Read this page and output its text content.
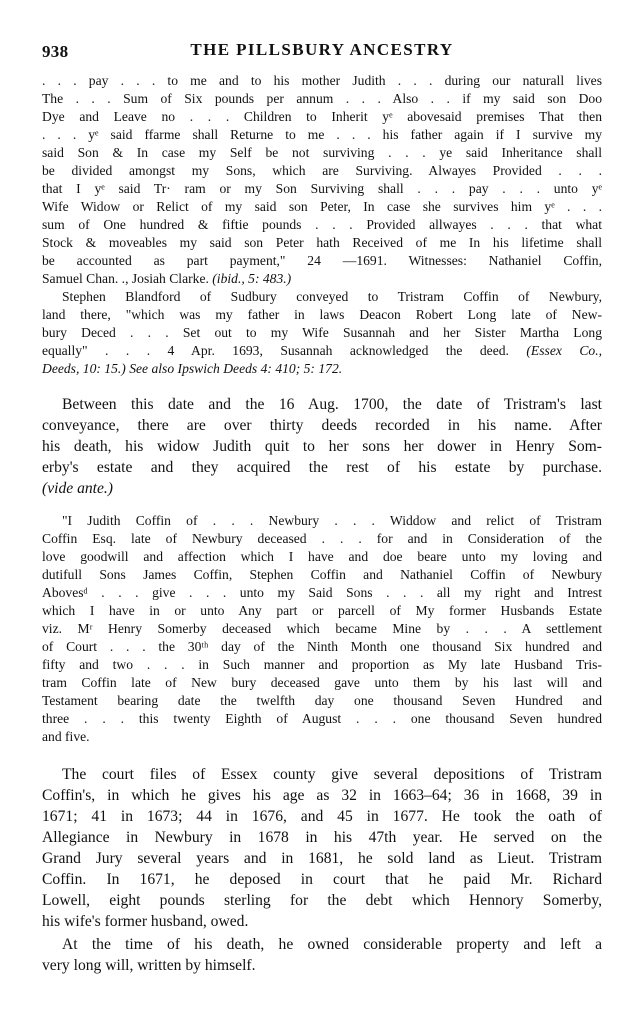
938	THE PILLSBURY ANCESTRY
. . . pay . . . to me and to his mother Judith . . . during our naturall lives
The . . . Sum of Six pounds per annum . . . Also . . if my said son Doo
Dye and Leave no . . . Children to Inherit yᵉ abovesaid premises That then
. . . yᵉ said ffarme shall Returne to me . . . his father again if I survive my
said Son & In case my Self be not surviving . . . ye said Inheritance shall
be divided amongst my Sons, which are Surviving. Alwayes Provided . . .
that I yᵉ said Tr· ram or my Son Surviving shall . . . pay . . . unto yᵉ
Wife Widow or Relict of my said son Peter, In case she survives him yᵉ . . .
sum of One hundred & fiftie pounds . . . Provided allwayes . . . that what
Stock & moveables my said son Peter hath Received of me In his lifetime shall
be accounted as part payment," 24 —1691. Witnesses: Nathaniel Coffin,
Samuel Chan. ., Josiah Clarke. (ibid., 5: 483.)
Stephen Blandford of Sudbury conveyed to Tristram Coffin of Newbury,
land there, "which was my father in laws Deacon Robert Long late of New-
bury Deced . . . Set out to my Wife Susannah and her Sister Martha Long
equally" . . . 4 Apr. 1693, Susannah acknowledged the deed. (Essex Co.,
Deeds, 10: 15.) See also Ipswich Deeds 4: 410; 5: 172.
Between this date and the 16 Aug. 1700, the date of Tristram's last
conveyance, there are over thirty deeds recorded in his name. After
his death, his widow Judith quit to her sons her dower in Henry Som-
erby's estate and they acquired the rest of his estate by purchase.
(vide ante.)
"I Judith Coffin of . . . Newbury . . . Widdow and relict of Tristram
Coffin Esq. late of Newbury deceased . . . for and in Consideration of the
love goodwill and affection which I have and doe beare unto my loving and
dutifull Sons James Coffin, Stephen Coffin and Nathaniel Coffin of Newbury
Abovesᵈ . . . give . . . unto my Said Sons . . . all my right and Intrest
which I have in or unto Any part or parcell of My former Husbands Estate
viz. Mʳ Henry Somerby deceased which became Mine by . . . A settlement
of Court . . . the 30ᵗʰ day of the Ninth Month one thousand Six hundred and
fifty and two . . . in Such manner and proportion as My late Husband Tris-
tram Coffin late of New bury deceased gave unto them by his last will and
Testament bearing date the twelfth day one thousand Seven Hundred and
three . . . this twenty Eighth of August . . . one thousand Seven hundred
and five.
The court files of Essex county give several depositions of Tristram
Coffin's, in which he gives his age as 32 in 1663–64; 36 in 1668, 39 in
1671; 41 in 1673; 44 in 1676, and 45 in 1677. He took the oath of
Allegiance in Newbury in 1678 in his 47th year. He served on the
Grand Jury several years and in 1681, he sold land as Lieut. Tristram
Coffin. In 1671, he deposed in court that he paid Mr. Richard
Lowell, eight pounds sterling for the debt which Hennory Somerby,
his wife's former husband, owed.
At the time of his death, he owned considerable property and left a
very long will, written by himself.
